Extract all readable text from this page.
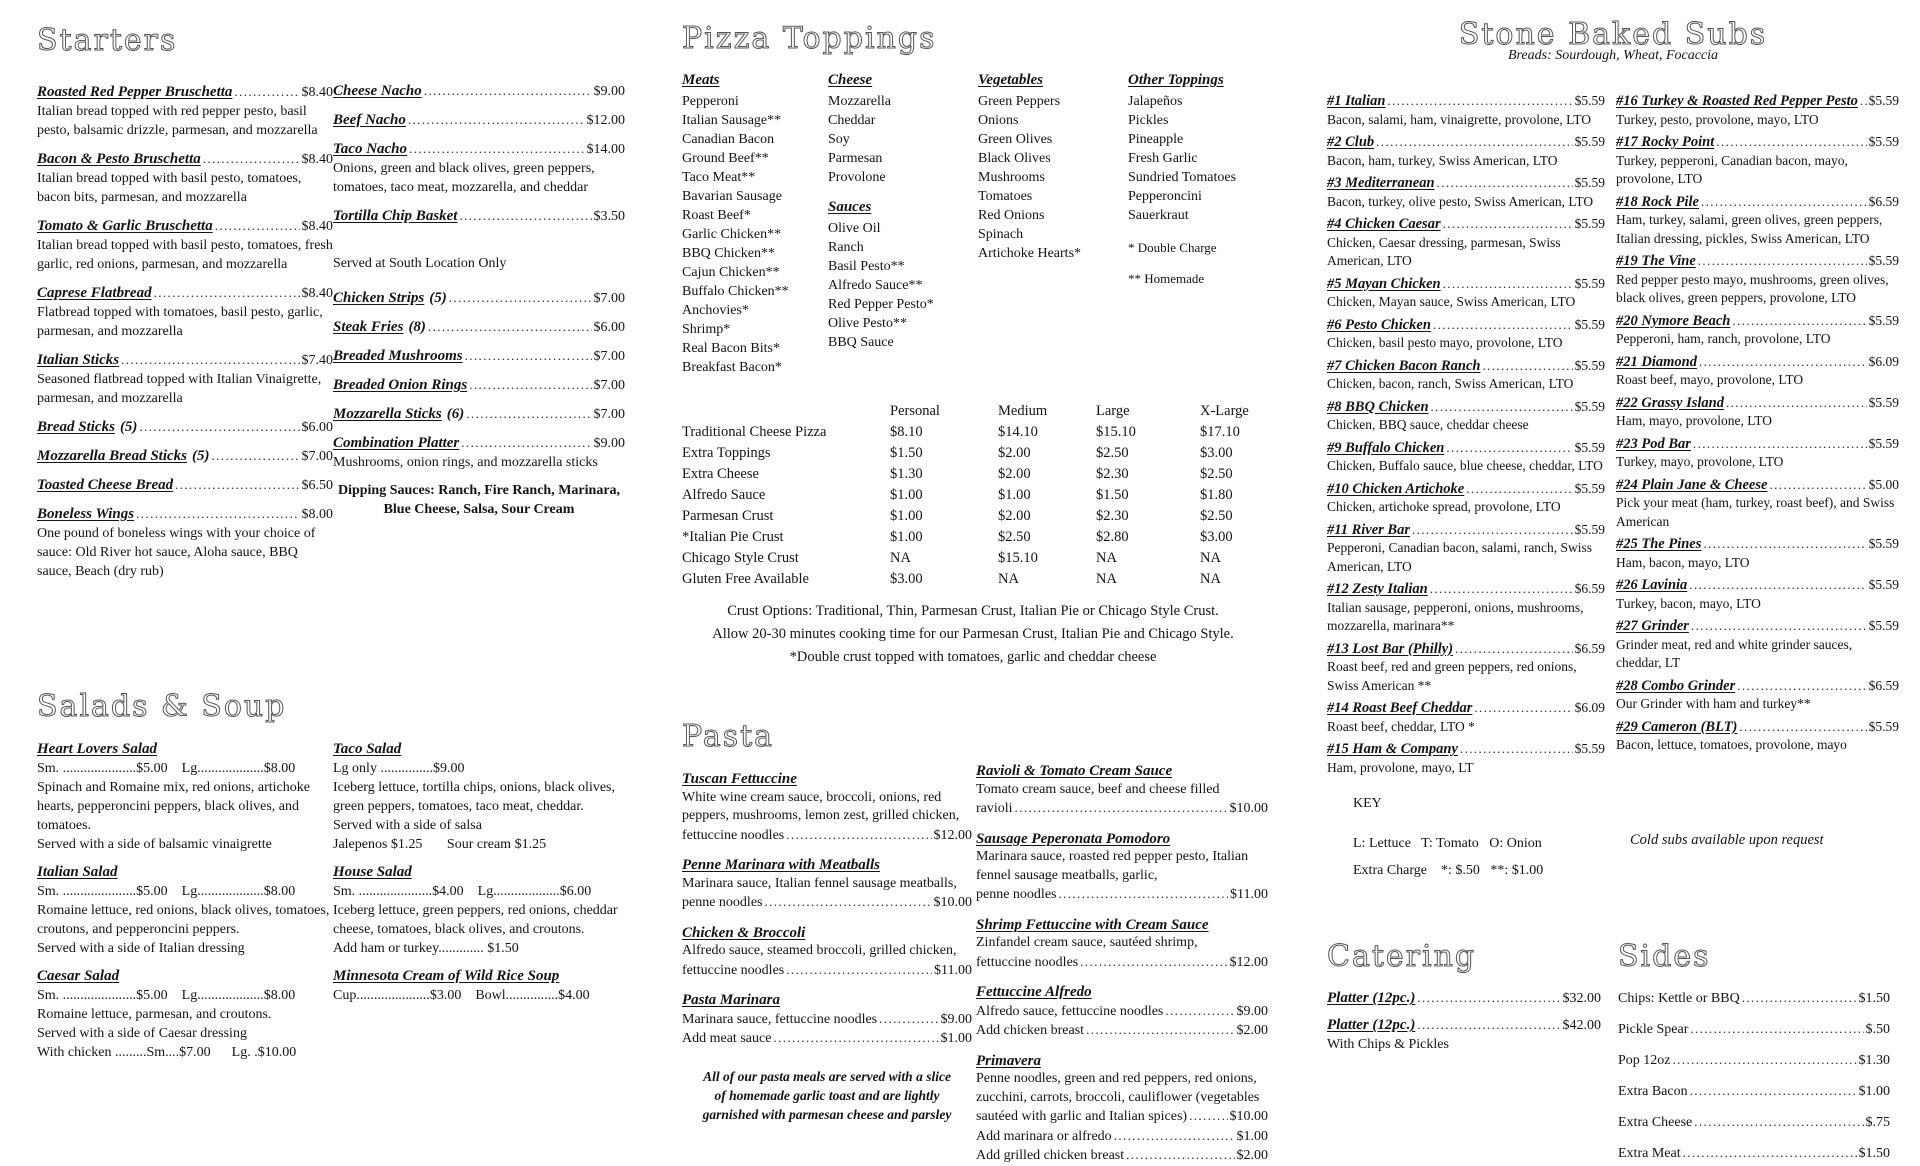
Starters
Roasted Red Pepper Bruschetta .....	$8.40
Italian bread topped with red pepper pesto, basil pesto, balsamic drizzle, parmesan, and mozzarella
Bacon & Pesto Bruschetta .....	$8.40
Italian bread topped with basil pesto, tomatoes, bacon bits, parmesan, and mozzarella
Tomato & Garlic Bruschetta .....	$8.40
Italian bread topped with basil pesto, tomatoes, fresh garlic, red onions, parmesan, and mozzarella
Caprese Flatbread .....	$8.40
Flatbread topped with tomatoes, basil pesto, garlic, parmesan, and mozzarella
Italian Sticks .....	$7.40
Seasoned flatbread topped with Italian Vinaigrette, parmesan, and mozzarella
Bread Sticks (5) .....	$6.00
Mozzarella Bread Sticks (5) .....	$7.00
Toasted Cheese Bread .....	$6.50
Boneless Wings .....	$8.00
One pound of boneless wings with your choice of sauce: Old River hot sauce, Aloha sauce, BBQ sauce, Beach (dry rub)
Cheese Nacho .....	$9.00
Beef Nacho .....	$12.00
Taco Nacho .....	$14.00
Onions, green and black olives, green peppers, tomatoes, taco meat, mozzarella, and cheddar
Tortilla Chip Basket .....	$3.50
Served at South Location Only
Chicken Strips (5) .....	$7.00
Steak Fries (8) .....	$6.00
Breaded Mushrooms .....	$7.00
Breaded Onion Rings .....	$7.00
Mozzarella Sticks (6) .....	$7.00
Combination Platter .....	$9.00
Mushrooms, onion rings, and mozzarella sticks
Dipping Sauces: Ranch, Fire Ranch, Marinara,
Blue Cheese, Salsa, Sour Cream
Salads & Soup
Heart Lovers Salad
Sm. .....................$5.00    Lg...................$8.00
Spinach and Romaine mix, red onions, artichoke hearts, pepperoncini peppers, black olives, and tomatoes.
Served with a side of balsamic vinaigrette
Italian Salad
Sm. .....................$5.00    Lg...................$8.00
Romaine lettuce, red onions, black olives, tomatoes, croutons, and pepperoncini peppers.
Served with a side of Italian dressing
Caesar Salad
Sm. .....................$5.00    Lg...................$8.00
Romaine lettuce, parmesan, and croutons.
Served with a side of Caesar dressing
With chicken .........Sm....$7.00      Lg. .$10.00
Taco Salad
Lg only ...............$9.00
Iceberg lettuce, tortilla chips, onions, black olives, green peppers, tomatoes, taco meat, cheddar.
Served with a side of salsa
Jalepenos $1.25       Sour cream $1.25
House Salad
Sm. .....................$4.00    Lg...................$6.00
Iceberg lettuce, green peppers, red onions, cheddar cheese, tomatoes, black olives, and croutons.
Add ham or turkey............. $1.50
Minnesota Cream of Wild Rice Soup
Cup.....................$3.00    Bowl...............$4.00
Pizza Toppings
Meats
Pepperoni
Italian Sausage**
Canadian Bacon
Ground Beef**
Taco Meat**
Bavarian Sausage
Roast Beef*
Garlic Chicken**
BBQ Chicken**
Cajun Chicken**
Buffalo Chicken**
Anchovies*
Shrimp*
Real Bacon Bits*
Breakfast Bacon*
Cheese
Mozzarella
Cheddar
Soy
Parmesan
Provolone
Sauces
Olive Oil
Ranch
Basil Pesto**
Alfredo Sauce**
Red Pepper Pesto*
Olive Pesto**
BBQ Sauce
Vegetables
Green Peppers
Onions
Green Olives
Black Olives
Mushrooms
Tomatoes
Red Onions
Spinach
Artichoke Hearts*
Other Toppings
Jalapeños
Pickles
Pineapple
Fresh Garlic
Sundried Tomatoes
Pepperoncini
Sauerkraut
* Double Charge
** Homemade
Personal	Medium	Large	X-Large
Traditional Cheese Pizza	$8.10	$14.10	$15.10	$17.10
Extra Toppings	$1.50	$2.00	$2.50	$3.00
Extra Cheese	$1.30	$2.00	$2.30	$2.50
Alfredo Sauce	$1.00	$1.00	$1.50	$1.80
Parmesan Crust	$1.00	$2.00	$2.30	$2.50
*Italian Pie Crust	$1.00	$2.50	$2.80	$3.00
Chicago Style Crust	NA	$15.10	NA	NA
Gluten Free Available	$3.00	NA	NA	NA
Crust Options: Traditional, Thin, Parmesan Crust, Italian Pie or Chicago Style Crust.
Allow 20-30 minutes cooking time for our Parmesan Crust, Italian Pie and Chicago Style.
*Double crust topped with tomatoes, garlic and cheddar cheese
Pasta
Tuscan Fettuccine
White wine cream sauce, broccoli, onions, red peppers, mushrooms, lemon zest, grilled chicken,
fettuccine noodles .....	$12.00
Penne Marinara with Meatballs
Marinara sauce, Italian fennel sausage meatballs,
penne noodles .....	$10.00
Chicken & Broccoli
Alfredo sauce, steamed broccoli, grilled chicken,
fettuccine noodles .....	$11.00
Pasta Marinara
Marinara sauce, fettuccine noodles .....	$9.00
Add meat sauce .....	$1.00
All of our pasta meals are served with a slice
of homemade garlic toast and are lightly
garnished with parmesan cheese and parsley
Ravioli & Tomato Cream Sauce
Tomato cream sauce, beef and cheese filled
ravioli .....	$10.00
Sausage Peperonata Pomodoro
Marinara sauce, roasted red pepper pesto, Italian fennel sausage meatballs, garlic,
penne noodles .....	$11.00
Shrimp Fettuccine with Cream Sauce
Zinfandel cream sauce, sautéed shrimp,
fettuccine noodles .....	$12.00
Fettuccine Alfredo
Alfredo sauce, fettuccine noodles .....	$9.00
Add chicken breast .....	$2.00
Primavera
Penne noodles, green and red peppers, red onions, zucchini, carrots, broccoli, cauliflower (vegetables
sautéed with garlic and Italian spices) .....	$10.00
Add marinara or alfredo .....	$1.00
Add grilled chicken breast .....	$2.00
Stone Baked Subs
Breads: Sourdough, Wheat, Focaccia
#1 Italian .....	$5.59
Bacon, salami, ham, vinaigrette, provolone, LTO
#2 Club .....	$5.59
Bacon, ham, turkey, Swiss American, LTO
#3 Mediterranean .....	$5.59
Bacon, turkey, olive pesto, Swiss American, LTO
#4 Chicken Caesar .....	$5.59
Chicken, Caesar dressing, parmesan, Swiss American, LTO
#5 Mayan Chicken .....	$5.59
Chicken, Mayan sauce, Swiss American, LTO
#6 Pesto Chicken .....	$5.59
Chicken, basil pesto mayo, provolone, LTO
#7 Chicken Bacon Ranch .....	$5.59
Chicken, bacon, ranch, Swiss American, LTO
#8 BBQ Chicken .....	$5.59
Chicken, BBQ sauce, cheddar cheese
#9 Buffalo Chicken .....	$5.59
Chicken, Buffalo sauce, blue cheese, cheddar, LTO
#10 Chicken Artichoke .....	$5.59
Chicken, artichoke spread, provolone, LTO
#11 River Bar .....	$5.59
Pepperoni, Canadian bacon, salami, ranch, Swiss American, LTO
#12 Zesty Italian .....	$6.59
Italian sausage, pepperoni, onions, mushrooms, mozzarella, marinara**
#13 Lost Bar (Philly) .....	$6.59
Roast beef, red and green peppers, red onions, Swiss American **
#14 Roast Beef Cheddar .....	$6.09
Roast beef, cheddar, LTO *
#15 Ham & Company .....	$5.59
Ham, provolone, mayo, LT
#16 Turkey & Roasted Red Pepper Pesto ..... $5.59
Turkey, pesto, provolone, mayo, LTO
#17 Rocky Point .....	$5.59
Turkey, pepperoni, Canadian bacon, mayo, provolone, LTO
#18 Rock Pile .....	$6.59
Ham, turkey, salami, green olives, green peppers, Italian dressing, pickles, Swiss American, LTO
#19 The Vine .....	$5.59
Red pepper pesto mayo, mushrooms, green olives, black olives, green peppers, provolone, LTO
#20 Nymore Beach .....	$5.59
Pepperoni, ham, ranch, provolone, LTO
#21 Diamond .....	$6.09
Roast beef, mayo, provolone, LTO
#22 Grassy Island .....	$5.59
Ham, mayo, provolone, LTO
#23 Pod Bar .....	$5.59
Turkey, mayo, provolone, LTO
#24 Plain Jane & Cheese .....	$5.00
Pick your meat (ham, turkey, roast beef), and Swiss American
#25 The Pines .....	$5.59
Ham, bacon, mayo, LTO
#26 Lavinia .....	$5.59
Turkey, bacon, mayo, LTO
#27 Grinder .....	$5.59
Grinder meat, red and white grinder sauces, cheddar, LT
#28 Combo Grinder .....	$6.59
Our Grinder with ham and turkey**
#29 Cameron (BLT) .....	$5.59
Bacon, lettuce, tomatoes, provolone, mayo
KEY
L: Lettuce   T: Tomato   O: Onion
Extra Charge    *: $.50   **: $1.00
Cold subs available upon request
Catering
Platter (12pc.) .....	$32.00
Platter (12pc.) .....	$42.00
With Chips & Pickles
Sides
Chips: Kettle or BBQ .....	$1.50
Pickle Spear .....	$.50
Pop 12oz .....	$1.30
Extra Bacon .....	$1.00
Extra Cheese .....	$.75
Extra Meat .....	$1.50
